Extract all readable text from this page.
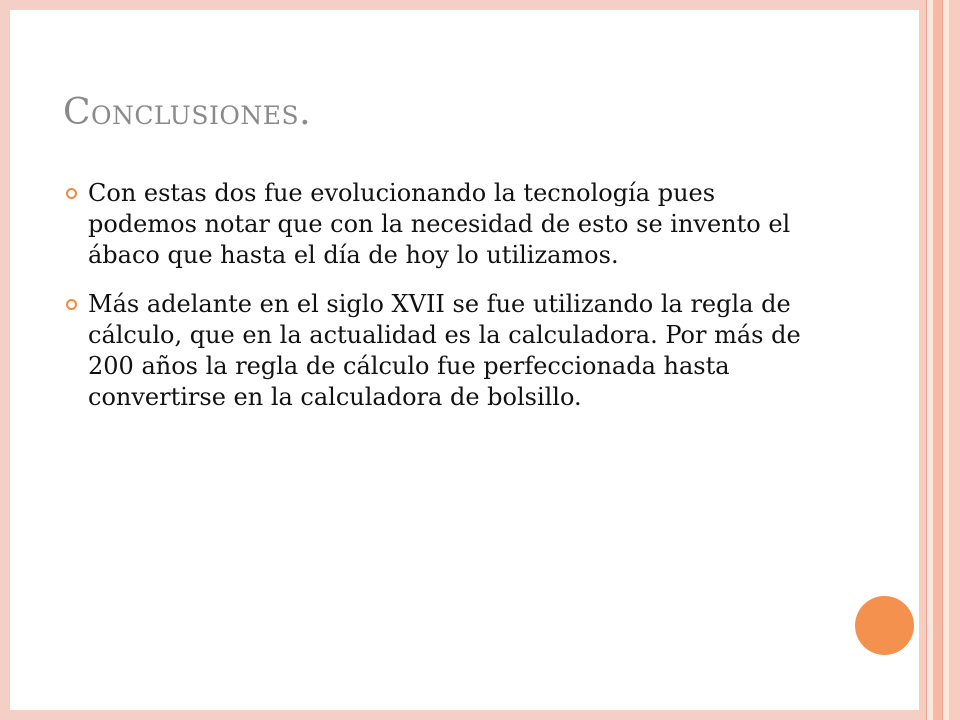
Conclusiones.
Con estas dos fue evolucionando la tecnología pues podemos notar que con la necesidad de esto se invento el ábaco que hasta el día de hoy lo utilizamos.
Más adelante en el siglo XVII se fue utilizando la regla de cálculo, que en la actualidad es la calculadora. Por más de 200 años la regla de cálculo fue perfeccionada hasta convertirse en la calculadora de bolsillo.
